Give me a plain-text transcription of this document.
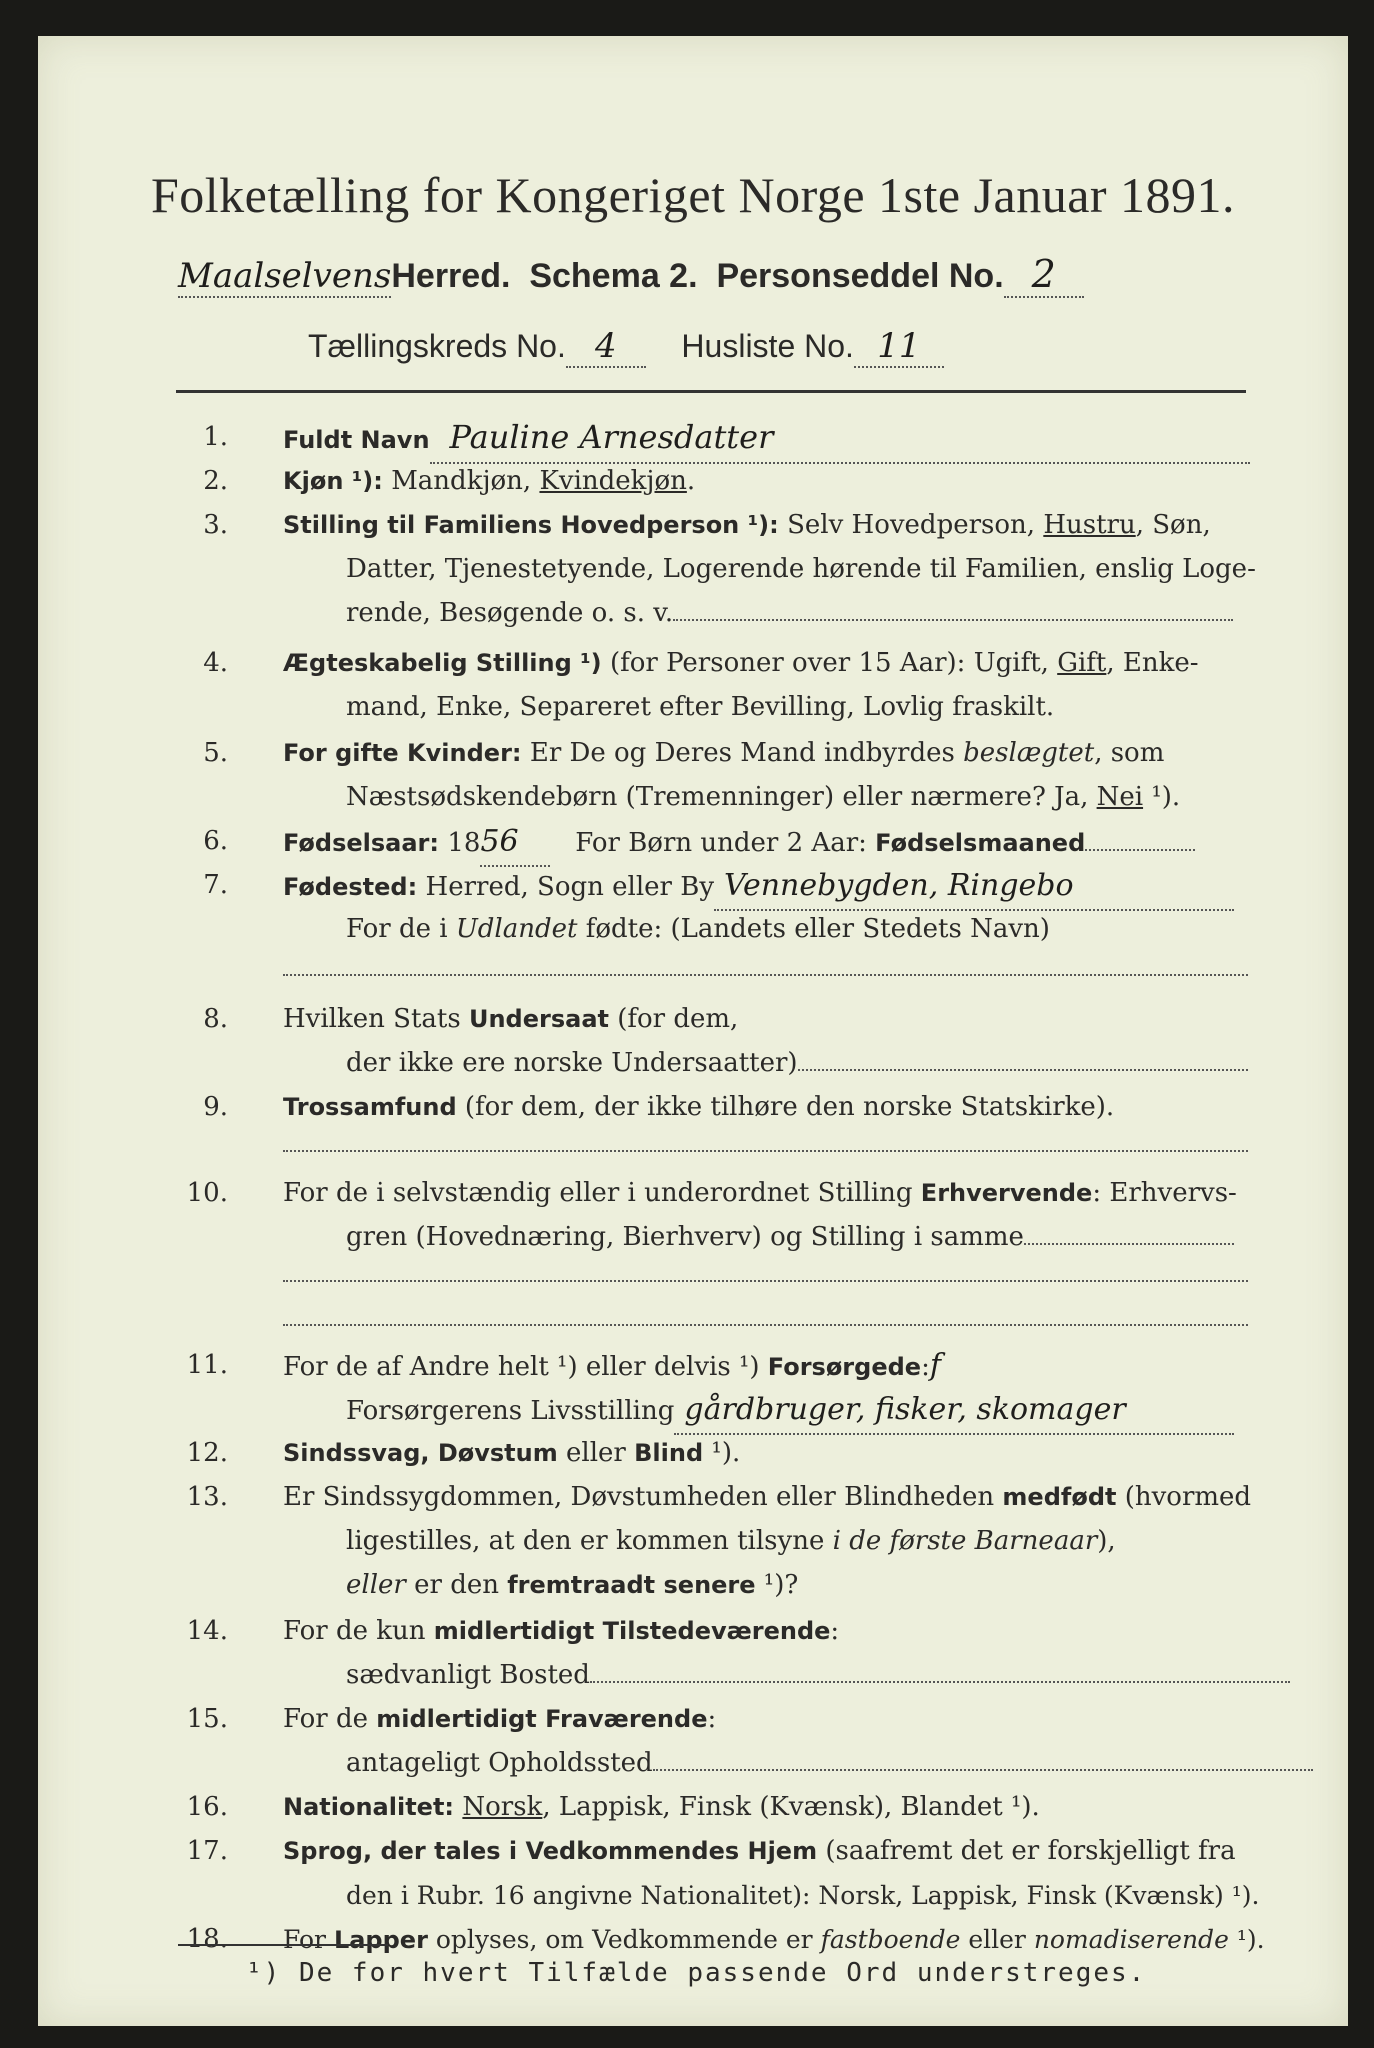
Folketælling for Kongeriget Norge 1ste Januar 1891.
MaalselvensHerred. Schema 2. Personseddel No. 2
Tællingskreds No. 4 Husliste No. 11
1. Fuldt Navn Pauline Arnesdatter
2. Kjøn ¹): Mandkjøn, Kvindekjøn.
3. Stilling til Familiens Hovedperson ¹): Selv Hovedperson, Hustru, Søn,
Datter, Tjenestetyende, Logerende hørende til Familien, enslig Loge-
rende, Besøgende o. s. v.
4. Ægteskabelig Stilling ¹) (for Personer over 15 Aar): Ugift, Gift, Enke-
mand, Enke, Separeret efter Bevilling, Lovlig fraskilt.
5. For gifte Kvinder: Er De og Deres Mand indbyrdes beslægtet, som
Næstsødskendebørn (Tremenninger) eller nærmere? Ja, Nei ¹).
6. Fødselsaar: 1856 For Børn under 2 Aar: Fødselsmaaned
7. Fødested: Herred, Sogn eller By Vennebygden, Ringebo
For de i Udlandet fødte: (Landets eller Stedets Navn)
8. Hvilken Stats Undersaat (for dem,
der ikke ere norske Undersaatter)
9. Trossamfund (for dem, der ikke tilhøre den norske Statskirke).
10. For de i selvstændig eller i underordnet Stilling Erhvervende: Erhvervs-
gren (Hovednæring, Bierhverv) og Stilling i samme
11. For de af Andre helt ¹) eller delvis ¹) Forsørgede:f
Forsørgerens Livsstilling gårdbruger, fisker, skomager
12. Sindssvag, Døvstum eller Blind ¹).
13. Er Sindssygdommen, Døvstumheden eller Blindheden medfødt (hvormed
ligestilles, at den er kommen tilsyne i de første Barneaar),
eller er den fremtraadt senere ¹)?
14. For de kun midlertidigt Tilstedeværende:
sædvanligt Bosted
15. For de midlertidigt Fraværende:
antageligt Opholdssted
16. Nationalitet: Norsk, Lappisk, Finsk (Kvænsk), Blandet ¹).
17. Sprog, der tales i Vedkommendes Hjem (saafremt det er forskjelligt fra
den i Rubr. 16 angivne Nationalitet): Norsk, Lappisk, Finsk (Kvænsk) ¹).
18. For Lapper oplyses, om Vedkommende er fastboende eller nomadiserende ¹).
¹) De for hvert Tilfælde passende Ord understreges.
